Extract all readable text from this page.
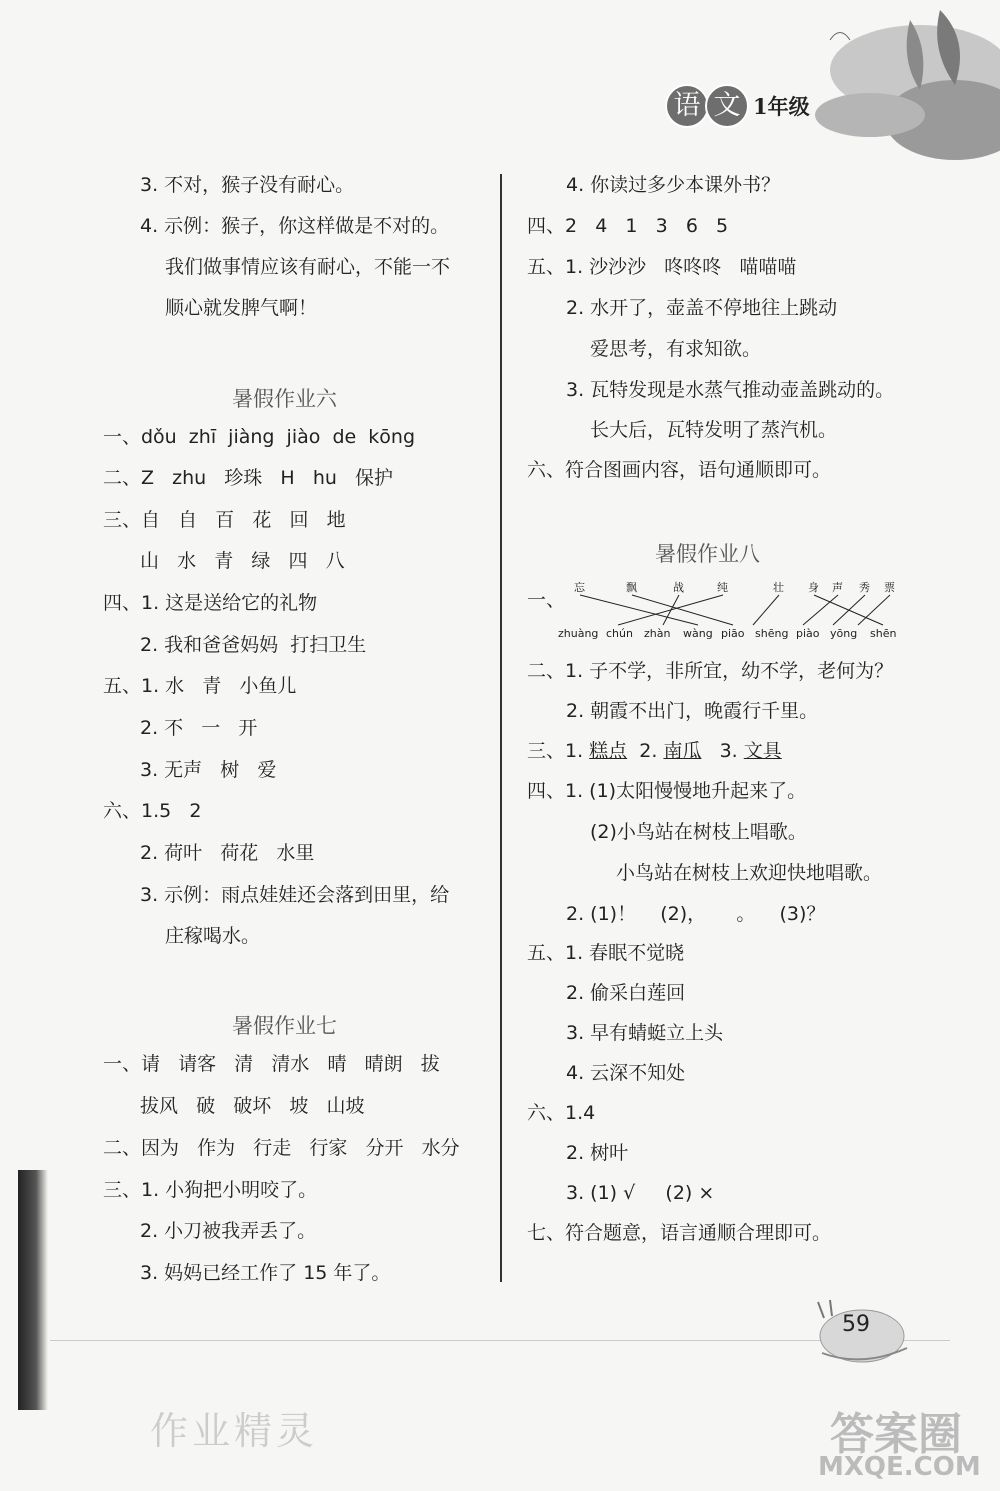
语 文 1年级
3. 不对，猴子没有耐心。
4. 示例：猴子，你这样做是不对的。
我们做事情应该有耐心，不能一不
顺心就发脾气啊！
暑假作业六
一、dǒu  zhī  jiàng  jiào  de  kōng
二、Z   zhu   珍珠   H   hu   保护
三、自   自   百   花   回   地
山   水   青   绿   四   八
四、1. 这是送给它的礼物
2. 我和爸爸妈妈  打扫卫生
五、1. 水   青   小鱼儿
2. 不   一   开
3. 无声   树   爱
六、1.5   2
2. 荷叶   荷花   水里
3. 示例：雨点娃娃还会落到田里，给
庄稼喝水。
暑假作业七
一、请   请客   清   清水   晴   晴朗   拔
拔风   破   破坏   坡   山坡
二、因为   作为   行走   行家   分开   水分
三、1. 小狗把小明咬了。
2. 小刀被我弄丢了。
3. 妈妈已经工作了 15 年了。
4. 你读过多少本课外书？
四、2   4   1   3   6   5
五、1. 沙沙沙   咚咚咚   喵喵喵
2. 水开了，壶盖不停地往上跳动
爱思考，有求知欲。
3. 瓦特发现是水蒸气推动壶盖跳动的。
长大后，瓦特发明了蒸汽机。
六、符合图画内容，语句通顺即可。
暑假作业八
一、
忘	飘	战	纯	壮 身 声 秀 票
zhuàng chún zhàn wàng piāo shēng piào yōng shēn
二、1. 子不学，非所宜，幼不学，老何为？
2. 朝霞不出门，晚霞行千里。
三、1. 糕点  2. 南瓜   3. 文具
四、1. (1)太阳慢慢地升起来了。
(2)小鸟站在树枝上唱歌。
小鸟站在树枝上欢迎快地唱歌。
2. (1)！    (2)，     。    (3)？
五、1. 春眠不觉晓
2. 偷采白莲回
3. 早有蜻蜓立上头
4. 云深不知处
六、1.4
2. 树叶
3. (1) √     (2) ×
七、符合题意，语言通顺合理即可。
59
作业精灵	答案圈
MXQE.COM
